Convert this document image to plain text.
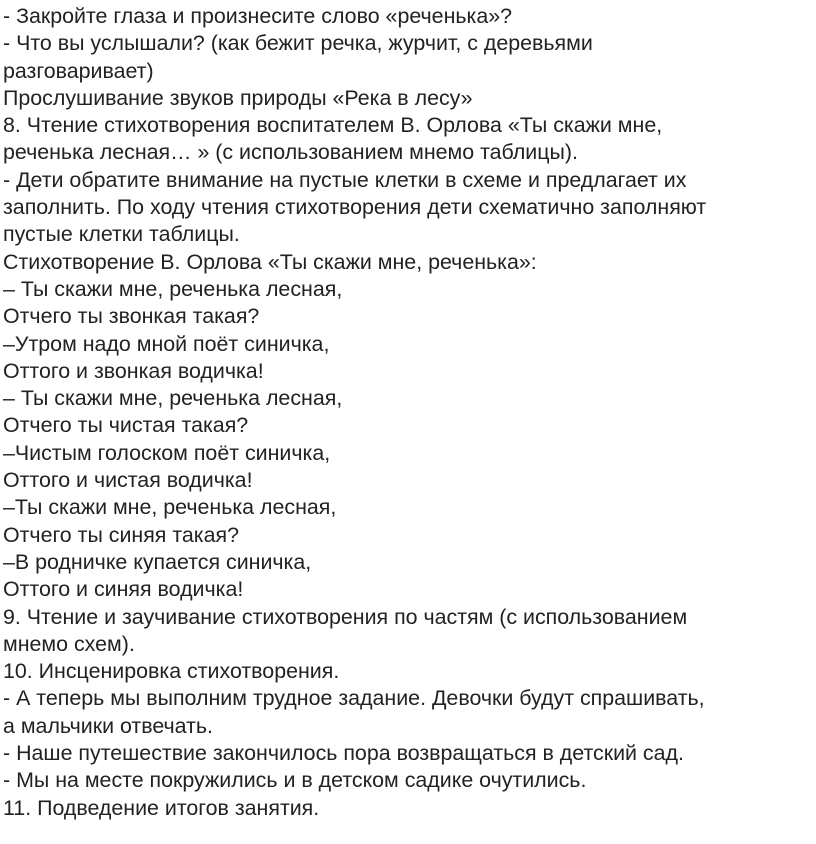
- Закройте глаза и произнесите слово «реченька»?
- Что вы услышали? (как бежит речка, журчит, с деревьями
разговаривает)
Прослушивание звуков природы «Река в лесу»
8. Чтение стихотворения воспитателем В. Орлова «Ты скажи мне,
реченька лесная… » (с использованием мнемо таблицы).
- Дети обратите внимание на пустые клетки в схеме и предлагает их
заполнить. По ходу чтения стихотворения дети схематично заполняют
пустые клетки таблицы.
Стихотворение В. Орлова «Ты скажи мне, реченька»:
– Ты скажи мне, реченька лесная,
Отчего ты звонкая такая?
–Утром надо мной поёт синичка,
Оттого и звонкая водичка!
– Ты скажи мне, реченька лесная,
Отчего ты чистая такая?
–Чистым голоском поёт синичка,
Оттого и чистая водичка!
–Ты скажи мне, реченька лесная,
Отчего ты синяя такая?
–В родничке купается синичка,
Оттого и синяя водичка!
9. Чтение и заучивание стихотворения по частям (с использованием
мнемо схем).
10. Инсценировка стихотворения.
- А теперь мы выполним трудное задание. Девочки будут спрашивать,
а мальчики отвечать.
- Наше путешествие закончилось пора возвращаться в детский сад.
- Мы на месте покружились и в детском садике очутились.
11. Подведение итогов занятия.
